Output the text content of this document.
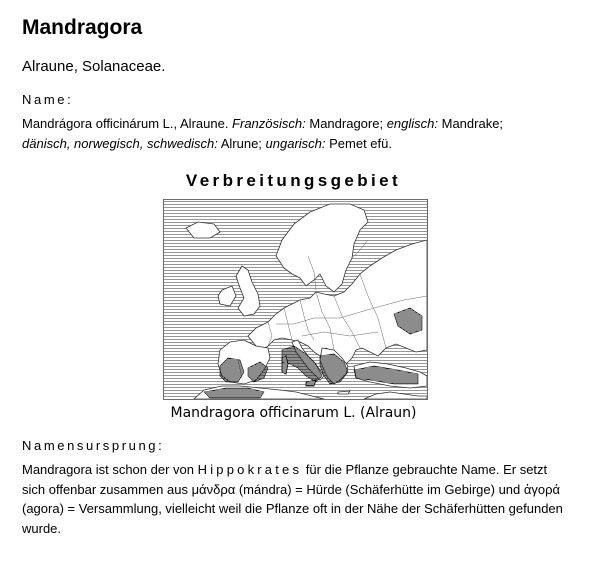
Mandragora
Alraune, Solanaceae.
Name:
Mandrágora officinárum L., Alraune. Französisch: Mandragore; englisch: Mandrake;
dänisch, norwegisch, schwedisch: Alrune; ungarisch: Pemet efü.
Verbreitungsgebiet
Mandragora officinarum L. (Alraun)
Namensursprung:
Mandragora ist schon der von Hippokrates für die Pflanze gebrauchte Name. Er setzt sich offenbar zusammen aus μάνδρα (mándra) = Hürde (Schäferhütte im Gebirge) und ἀγορά (agora) = Versammlung, vielleicht weil die Pflanze oft in der Nähe der Schäferhütten gefunden wurde.
